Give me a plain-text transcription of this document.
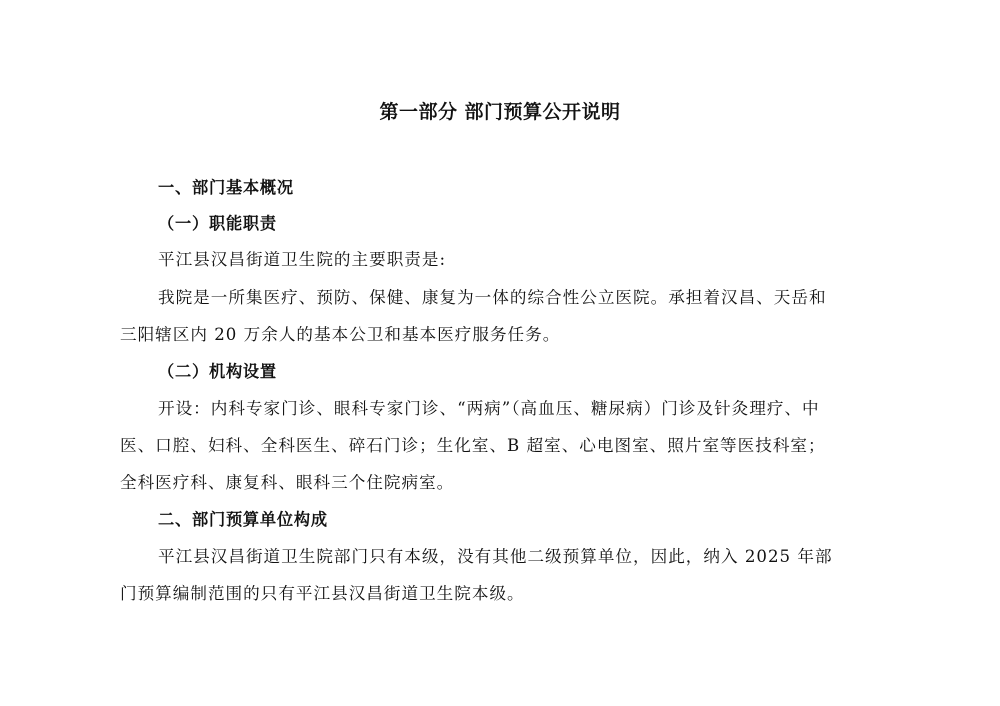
第一部分 部门预算公开说明
一、部门基本概况
（一）职能职责
平江县汉昌街道卫生院的主要职责是:
我院是一所集医疗、预防、保健、康复为一体的综合性公立医院。承担着汉昌、天岳和
三阳辖区内 20 万余人的基本公卫和基本医疗服务任务。
（二）机构设置
开设：内科专家门诊、眼科专家门诊、“两病”（高血压、糖尿病）门诊及针灸理疗、中
医、口腔、妇科、全科医生、碎石门诊；生化室、B 超室、心电图室、照片室等医技科室；
全科医疗科、康复科、眼科三个住院病室。
二、部门预算单位构成
平江县汉昌街道卫生院部门只有本级，没有其他二级预算单位，因此，纳入 2025 年部
门预算编制范围的只有平江县汉昌街道卫生院本级。
